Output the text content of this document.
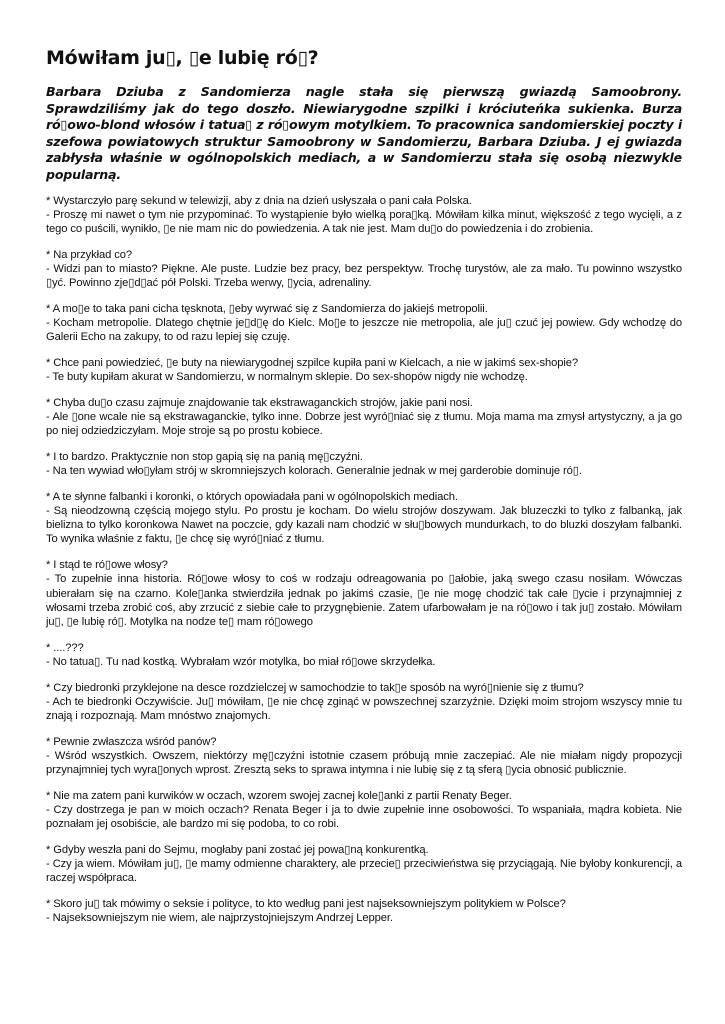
Mówiłam ju▯, ▯e lubię ró▯?

Barbara Dziuba z Sandomierza nagle stała się pierwszą gwiazdą Samoobrony. Sprawdziliśmy jak do tego doszło. Niewiarygodne szpilki i króciuteńka sukienka. Burza ró▯owo-blond włosów i tatua▯ z ró▯owym motylkiem. To pracownica sandomierskiej poczty i szefowa powiatowych struktur Samoobrony w Sandomierzu, Barbara Dziuba. J ej gwiazda zabłysła właśnie w ogólnopolskich mediach, a w Sandomierzu stała się osobą niezwykle popularną.

* Wystarczyło parę sekund w telewizji, aby z dnia na dzień usłyszała o pani cała Polska.

- Proszę mi nawet o tym nie przypominać. To wystąpienie było wielką pora▯ką. Mówiłam kilka minut, większość z tego wycięli, a z tego co puścili, wynikło, ▯e nie mam nic do powiedzenia. A tak nie jest. Mam du▯o do powiedzenia i do zrobienia.

* Na przykład co?

- Widzi pan to miasto? Piękne. Ale puste. Ludzie bez pracy, bez perspektyw. Trochę turystów, ale za mało. Tu powinno wszystko ▯yć. Powinno zje▯d▯ać pół Polski. Trzeba werwy, ▯ycia, adrenaliny.

* A mo▯e to taka pani cicha tęsknota, ▯eby wyrwać się z Sandomierza do jakiejś metropolii.

- Kocham metropolie. Dlatego chętnie je▯d▯ę do Kielc. Mo▯e to jeszcze nie metropolia, ale ju▯ czuć jej powiew. Gdy wchodzę do Galerii Echo na zakupy, to od razu lepiej się czuję.

* Chce pani powiedzieć, ▯e buty na niewiarygodnej szpilce kupiła pani w Kielcach, a nie w jakimś sex-shopie?

- Te buty kupiłam akurat w Sandomierzu, w normalnym sklepie. Do sex-shopów nigdy nie wchodzę.

* Chyba du▯o czasu zajmuje znajdowanie tak ekstrawaganckich strojów, jakie pani nosi.

- Ale ▯one wcale nie są ekstrawaganckie, tylko inne. Dobrze jest wyró▯niać się z tłumu. Moja mama ma zmysł artystyczny, a ja go po niej odziedziczyłam. Moje stroje są po prostu kobiece.

* I to bardzo. Praktycznie non stop gapią się na panią mę▯czyźni.

- Na ten wywiad wło▯yłam strój w skromniejszych kolorach. Generalnie jednak w mej garderobie dominuje ró▯.

* A te słynne falbanki i koronki, o których opowiadała pani w ogólnopolskich mediach.

- Są nieodzowną częścią mojego stylu. Po prostu je kocham. Do wielu strojów doszywam. Jak bluzeczki to tylko z falbanką, jak bielizna to tylko koronkowa Nawet na poczcie, gdy kazali nam chodzić w słu▯bowych mundurkach, to do bluzki doszyłam falbanki. To wynika właśnie z faktu, ▯e chcę się wyró▯niać z tłumu.

* I stąd te ró▯owe włosy?

- To zupełnie inna historia. Ró▯owe włosy to coś w rodzaju odreagowania po ▯ałobie, jaką swego czasu nosiłam. Wówczas ubierałam się na czarno. Kole▯anka stwierdziła jednak po jakimś czasie, ▯e nie mogę chodzić tak całe ▯ycie i przynajmniej z włosami trzeba zrobić coś, aby zrzucić z siebie całe to przygnębienie. Zatem ufarbowałam je na ró▯owo i tak ju▯ zostało. Mówiłam ju▯, ▯e lubię ró▯. Motylka na nodze te▯ mam ró▯owego

* ....???

- No tatua▯. Tu nad kostką. Wybrałam wzór motylka, bo miał ró▯owe skrzydełka.

* Czy biedronki przyklejone na desce rozdzielczej w samochodzie to tak▯e sposób na wyró▯nienie się z tłumu?

- Ach te biedronki Oczywiście. Ju▯ mówiłam, ▯e nie chcę zginąć w powszechnej szarzyźnie. Dzięki moim strojom wszyscy mnie tu znają i rozpoznają. Mam mnóstwo znajomych.

* Pewnie zwłaszcza wśród panów?

- Wśród wszystkich. Owszem, niektórzy mę▯czyźni istotnie czasem próbują mnie zaczepiać. Ale nie miałam nigdy propozycji przynajmniej tych wyra▯onych wprost. Zresztą seks to sprawa intymna i nie lubię się z tą sferą ▯ycia obnosić publicznie.

* Nie ma zatem pani kurwików w oczach, wzorem swojej zacnej kole▯anki z partii Renaty Beger.

- Czy dostrzega je pan w moich oczach? Renata Beger i ja to dwie zupełnie inne osobowości. To wspaniała, mądra kobieta. Nie poznałam jej osobiście, ale bardzo mi się podoba, to co robi.

* Gdyby weszła pani do Sejmu, mogłaby pani zostać jej powa▯ną konkurentką.

- Czy ja wiem. Mówiłam ju▯, ▯e mamy odmienne charaktery, ale przecie▯ przeciwieństwa się przyciągają. Nie byłoby konkurencji, a raczej współpraca.

* Skoro ju▯ tak mówimy o seksie i polityce, to kto według pani jest najseksowniejszym politykiem w Polsce?

- Najseksowniejszym nie wiem, ale najprzystojniejszym Andrzej Lepper.
